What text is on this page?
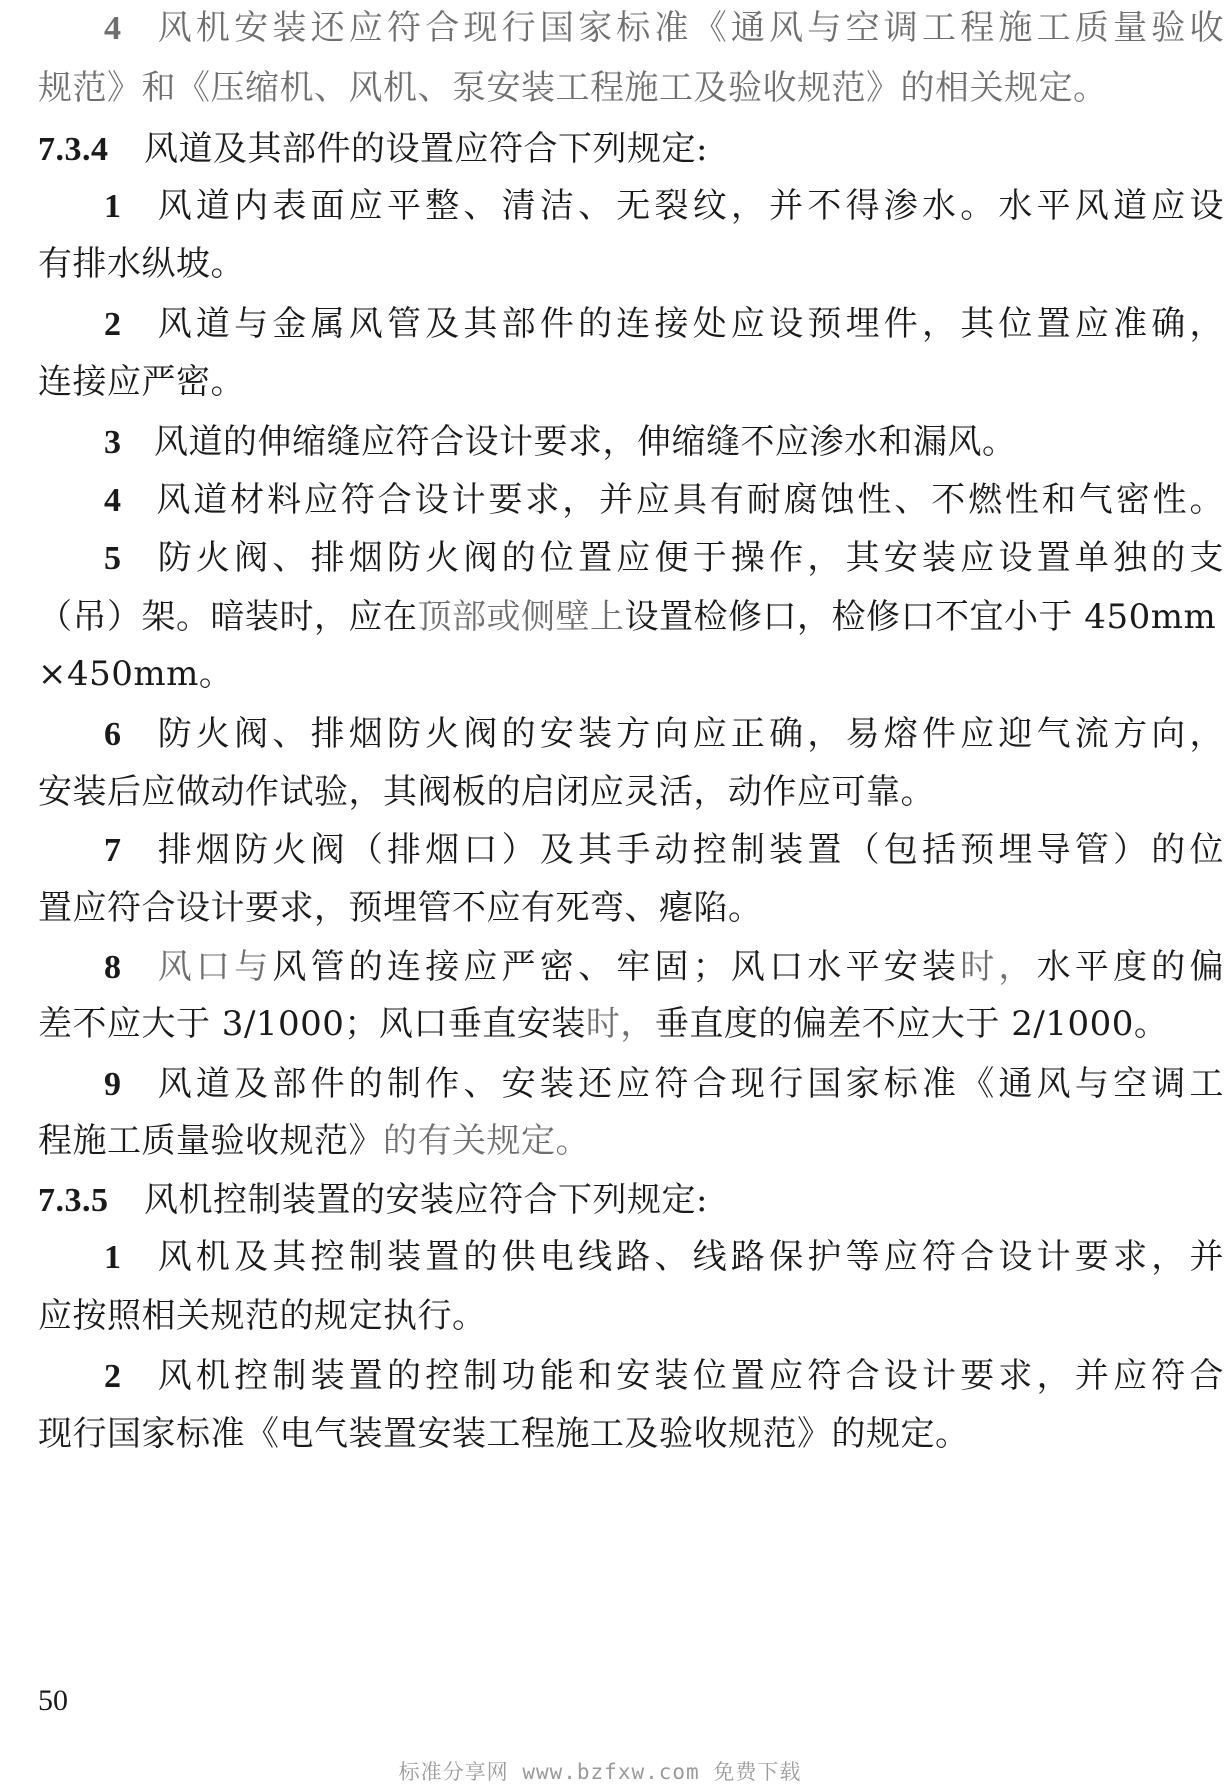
4 风机安装还应符合现行国家标准《通风与空调工程施工质量验收
规范》和《压缩机、风机、泵安装工程施工及验收规范》的相关规定。
7.3.4 风道及其部件的设置应符合下列规定:
1 风道内表面应平整、清洁、无裂纹，并不得渗水。水平风道应设
有排水纵坡。
2 风道与金属风管及其部件的连接处应设预埋件，其位置应准确，
连接应严密。
3 风道的伸缩缝应符合设计要求，伸缩缝不应渗水和漏风。
4 风道材料应符合设计要求，并应具有耐腐蚀性、不燃性和气密性。
5 防火阀、排烟防火阀的位置应便于操作，其安装应设置单独的支
（吊）架。暗装时，应在顶部或侧壁上设置检修口，检修口不宜小于 450mm
×450mm。
6 防火阀、排烟防火阀的安装方向应正确，易熔件应迎气流方向，
安装后应做动作试验，其阀板的启闭应灵活，动作应可靠。
7 排烟防火阀（排烟口）及其手动控制装置（包括预埋导管）的位
置应符合设计要求，预埋管不应有死弯、瘪陷。
8 风口与风管的连接应严密、牢固；风口水平安装时，水平度的偏
差不应大于 3/1000；风口垂直安装时，垂直度的偏差不应大于 2/1000。
9 风道及部件的制作、安装还应符合现行国家标准《通风与空调工
程施工质量验收规范》的有关规定。
7.3.5 风机控制装置的安装应符合下列规定:
1 风机及其控制装置的供电线路、线路保护等应符合设计要求，并
应按照相关规范的规定执行。
2 风机控制装置的控制功能和安装位置应符合设计要求，并应符合
现行国家标准《电气装置安装工程施工及验收规范》的规定。
50
标准分享网 www.bzfxw.com 免费下载
